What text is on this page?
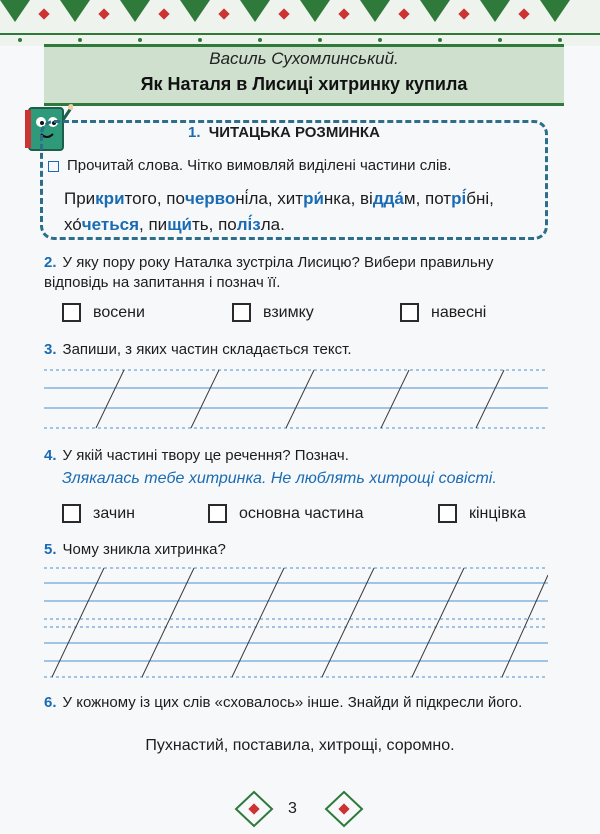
Василь Сухомлинський.
Як Наталя в Лисиці хитринку купила
1. ЧИТАЦЬКА РОЗМИНКА
Прочитай слова. Чітко вимовляй виділені частини слів.
Прикритого, почервоні́ла, хитри́нка, відда́м, потрі́бні, хо́четься, пищи́ть, полі́зла.
2. У яку пору року Наталка зустріла Лисицю? Вибери правильну відповідь на запитання і познач її.
восени	взимку	навесні
3. Запиши, з яких частин складається текст.
4. У якій частині твору це речення? Познач.
Злякалась тебе хитринка. Не люблять хитрощі совісті.
зачин	основна частина	кінцівка
5. Чому зникла хитринка?
6. У кожному із цих слів «сховалось» інше. Знайди й підкресли його.
Пухнастий, поставила, хитрощі, соромно.
3
